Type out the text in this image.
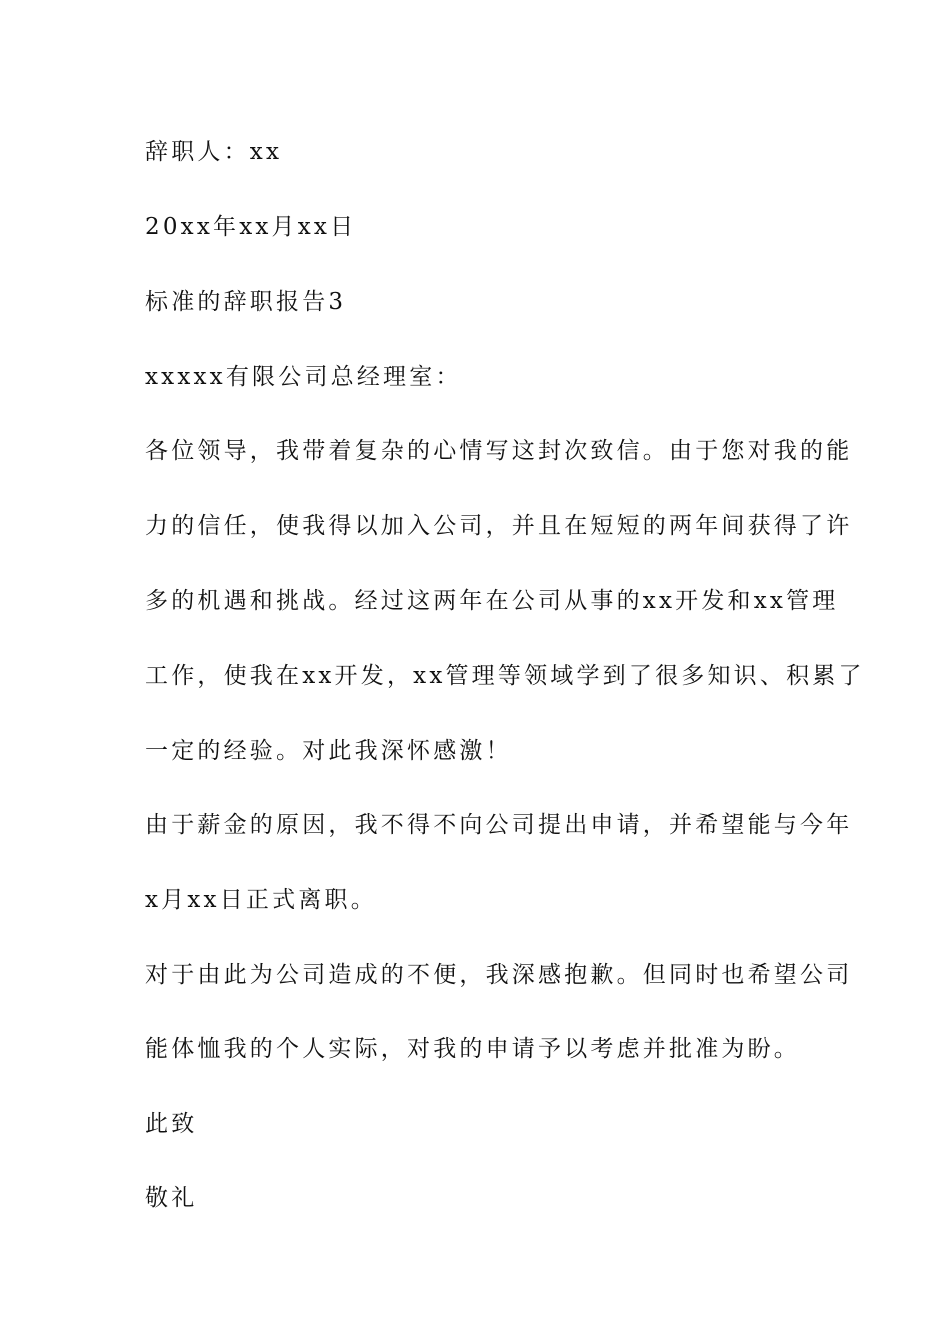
辞职人：xx
20xx年xx月xx日
标准的辞职报告3
xxxxx有限公司总经理室：
各位领导，我带着复杂的心情写这封次致信。由于您对我的能
力的信任，使我得以加入公司，并且在短短的两年间获得了许
多的机遇和挑战。经过这两年在公司从事的xx开发和xx管理
工作，使我在xx开发，xx管理等领域学到了很多知识、积累了
一定的经验。对此我深怀感激！
由于薪金的原因，我不得不向公司提出申请，并希望能与今年
x月xx日正式离职。
对于由此为公司造成的不便，我深感抱歉。但同时也希望公司
能体恤我的个人实际，对我的申请予以考虑并批准为盼。
此致
敬礼
